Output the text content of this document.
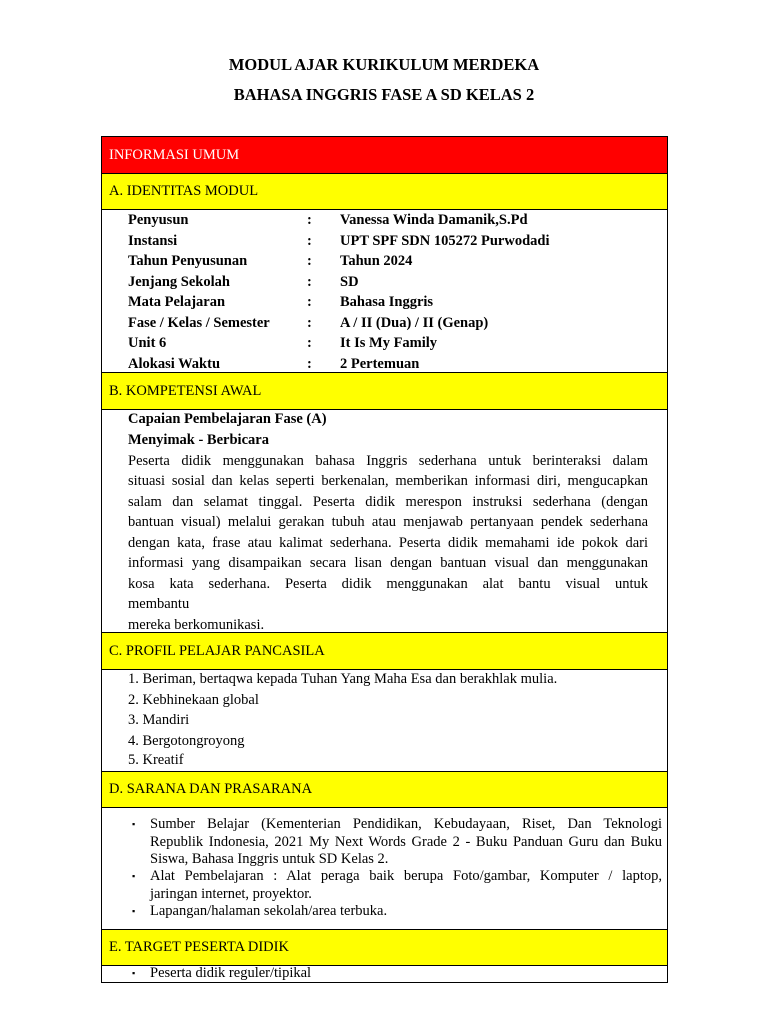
MODUL AJAR KURIKULUM MERDEKA
BAHASA INGGRIS FASE A SD KELAS 2
INFORMASI UMUM
A. IDENTITAS MODUL
Penyusun	: Vanessa Winda Damanik,S.Pd
Instansi	: UPT SPF SDN 105272 Purwodadi
Tahun Penyusunan	: Tahun 2024
Jenjang Sekolah	: SD
Mata Pelajaran	: Bahasa Inggris
Fase / Kelas / Semester	: A / II (Dua) / II (Genap)
Unit 6	: It Is My Family
Alokasi Waktu	: 2 Pertemuan
B. KOMPETENSI AWAL
Capaian Pembelajaran Fase (A)
Menyimak - Berbicara
Peserta didik menggunakan bahasa Inggris sederhana untuk berinteraksi dalam
situasi sosial dan kelas seperti berkenalan, memberikan informasi diri, mengucapkan
salam dan selamat tinggal. Peserta didik merespon instruksi sederhana (dengan
bantuan visual) melalui gerakan tubuh atau menjawab pertanyaan pendek sederhana
dengan kata, frase atau kalimat sederhana. Peserta didik memahami ide pokok dari
informasi yang disampaikan secara lisan dengan bantuan visual dan menggunakan
kosa kata sederhana. Peserta didik menggunakan alat bantu visual untuk
membantu
mereka berkomunikasi.
C. PROFIL PELAJAR PANCASILA
1. Beriman, bertaqwa kepada Tuhan Yang Maha Esa dan berakhlak mulia.
2. Kebhinekaan global
3. Mandiri
4. Bergotongroyong
5. Kreatif
D. SARANA DAN PRASARANA
▪ Sumber Belajar (Kementerian Pendidikan, Kebudayaan, Riset, Dan Teknologi
Republik Indonesia, 2021 My Next Words Grade 2 - Buku Panduan Guru dan Buku
Siswa, Bahasa Inggris untuk SD Kelas 2.
▪ Alat Pembelajaran : Alat peraga baik berupa Foto/gambar, Komputer / laptop,
jaringan internet, proyektor.
▪ Lapangan/halaman sekolah/area terbuka.
E. TARGET PESERTA DIDIK
▪ Peserta didik reguler/tipikal
